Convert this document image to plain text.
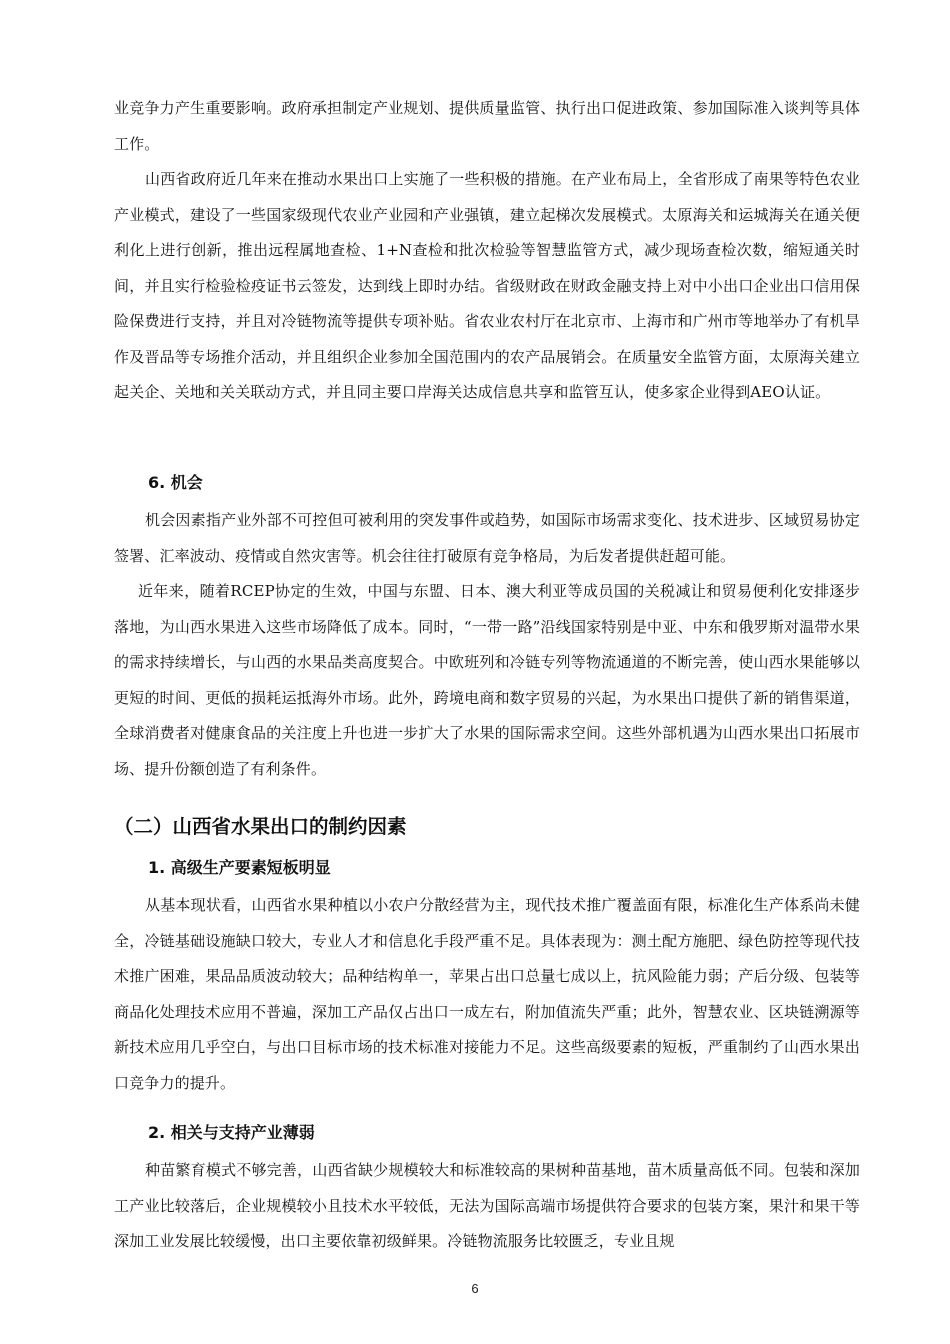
业竞争力产生重要影响。政府承担制定产业规划、提供质量监管、执行出口促进政策、参加国际准入谈判等具体工作。

山西省政府近几年来在推动水果出口上实施了一些积极的措施。在产业布局上，全省形成了南果等特色农业产业模式，建设了一些国家级现代农业产业园和产业强镇，建立起梯次发展模式。太原海关和运城海关在通关便利化上进行创新，推出远程属地查检、1+N查检和批次检验等智慧监管方式，减少现场查检次数，缩短通关时间，并且实行检验检疫证书云签发，达到线上即时办结。省级财政在财政金融支持上对中小出口企业出口信用保险保费进行支持，并且对冷链物流等提供专项补贴。省农业农村厅在北京市、上海市和广州市等地举办了有机旱作及晋品等专场推介活动，并且组织企业参加全国范围内的农产品展销会。在质量安全监管方面，太原海关建立起关企、关地和关关联动方式，并且同主要口岸海关达成信息共享和监管互认，使多家企业得到AEO认证。

6. 机会

机会因素指产业外部不可控但可被利用的突发事件或趋势，如国际市场需求变化、技术进步、区域贸易协定签署、汇率波动、疫情或自然灾害等。机会往往打破原有竞争格局，为后发者提供赶超可能。

近年来，随着RCEP协定的生效，中国与东盟、日本、澳大利亚等成员国的关税减让和贸易便利化安排逐步落地，为山西水果进入这些市场降低了成本。同时，“一带一路”沿线国家特别是中亚、中东和俄罗斯对温带水果的需求持续增长，与山西的水果品类高度契合。中欧班列和冷链专列等物流通道的不断完善，使山西水果能够以更短的时间、更低的损耗运抵海外市场。此外，跨境电商和数字贸易的兴起，为水果出口提供了新的销售渠道，全球消费者对健康食品的关注度上升也进一步扩大了水果的国际需求空间。这些外部机遇为山西水果出口拓展市场、提升份额创造了有利条件。

（二）山西省水果出口的制约因素
1. 高级生产要素短板明显

从基本现状看，山西省水果种植以小农户分散经营为主，现代技术推广覆盖面有限，标准化生产体系尚未健全，冷链基础设施缺口较大，专业人才和信息化手段严重不足。具体表现为：测土配方施肥、绿色防控等现代技术推广困难，果品品质波动较大；品种结构单一，苹果占出口总量七成以上，抗风险能力弱；产后分级、包装等商品化处理技术应用不普遍，深加工产品仅占出口一成左右，附加值流失严重；此外，智慧农业、区块链溯源等新技术应用几乎空白，与出口目标市场的技术标准对接能力不足。这些高级要素的短板，严重制约了山西水果出口竞争力的提升。

2. 相关与支持产业薄弱

种苗繁育模式不够完善，山西省缺少规模较大和标准较高的果树种苗基地，苗木质量高低不同。包装和深加工产业比较落后，企业规模较小且技术水平较低，无法为国际高端市场提供符合要求的包装方案，果汁和果干等深加工业发展比较缓慢，出口主要依靠初级鲜果。冷链物流服务比较匮乏，专业且规

6
